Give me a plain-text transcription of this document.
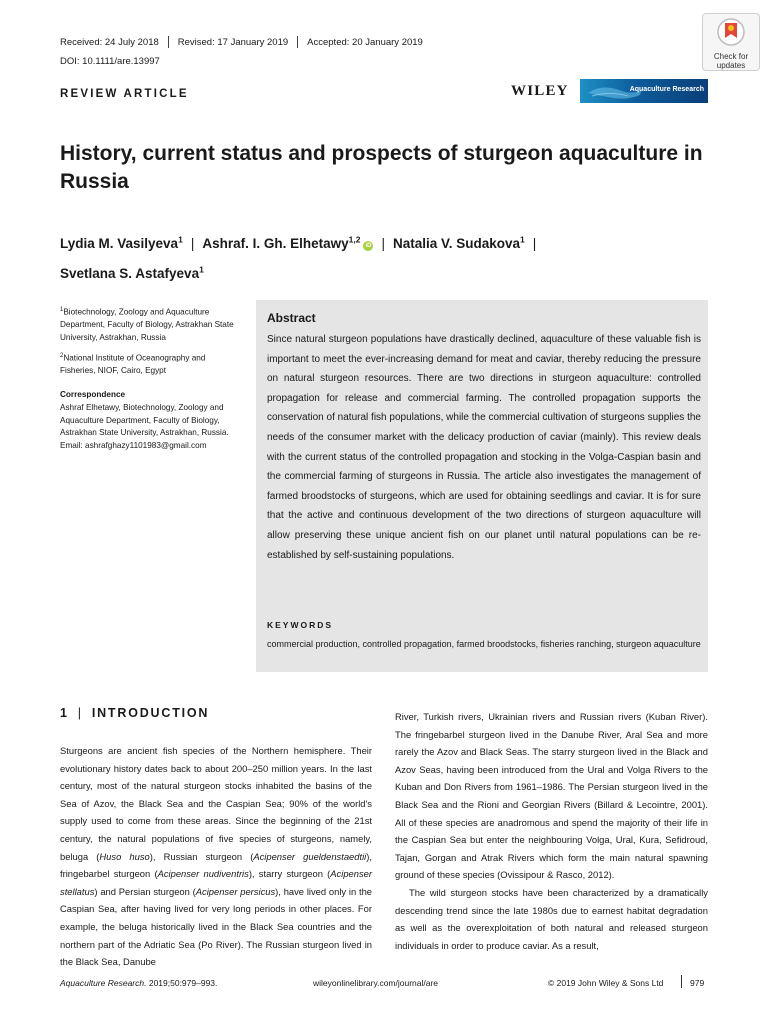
Received: 24 July 2018 Revised: 17 January 2019 Accepted: 20 January 2019
DOI: 10.1111/are.13997
REVIEW ARTICLE
Check for
updates
WILEY	Aquaculture Research
History, current status and prospects of sturgeon aquaculture in Russia
Lydia M. Vasilyeva$^1$ | Ashraf. I. Gh. Elhetawy$^{1,2}$iD | Natalia V. Sudakova$^1$ |
Svetlana S. Astafyeva$^1$

$^1$Biotechnology, Zoology and Aquaculture Department, Faculty of Biology, Astrakhan State University, Astrakhan, Russia

$^2$National Institute of Oceanography and Fisheries, NIOF, Cairo, Egypt

Correspondence

Ashraf Elhetawy, Biotechnology, Zoology and Aquaculture Department, Faculty of Biology, Astrakhan State University, Astrakhan, Russia.

Email: ashrafghazy1101983@gmail.com

Abstract
Since natural sturgeon populations have drastically declined, aquaculture of these valuable fish is important to meet the ever-increasing demand for meat and caviar, thereby reducing the pressure on natural sturgeon resources. There are two directions in sturgeon aquaculture: controlled propagation for release and commercial farming. The controlled propagation supports the conservation of natural fish populations, while the commercial cultivation of sturgeons supplies the needs of the consumer market with the delicacy production of caviar (mainly). This review deals with the current status of the controlled propagation and stocking in the Volga-Caspian basin and the commercial farming of sturgeons in Russia. The article also investigates the management of farmed broodstocks of sturgeons, which are used for obtaining seedlings and caviar. It is for sure that the active and continuous development of the two directions of sturgeon aquaculture will allow preserving these unique ancient fish on our planet until natural populations can be re-established by self-sustaining populations.
KEYWORDS
commercial production, controlled propagation, farmed broodstocks, fisheries ranching, sturgeon aquaculture
1 | INTRODUCTION
Sturgeons are ancient fish species of the Northern hemisphere. Their evolutionary history dates back to about 200–250 million years. In the last century, most of the natural sturgeon stocks inhabited the basins of the Sea of Azov, the Black Sea and the Caspian Sea; 90% of the world's supply used to come from these areas. Since the beginning of the 21st century, the natural populations of five species of sturgeons, namely, beluga (Huso huso), Russian sturgeon (Acipenser gueldenstaedtii), fringebarbel sturgeon (Acipenser nudiventris), starry sturgeon (Acipenser stellatus) and Persian sturgeon (Acipenser persicus), have lived only in the Caspian Sea, after having lived for very long periods in other places. For example, the beluga historically lived in the Black Sea countries and the northern part of the Adriatic Sea (Po River). The Russian sturgeon lived in the Black Sea, Danube

River, Turkish rivers, Ukrainian rivers and Russian rivers (Kuban River). The fringebarbel sturgeon lived in the Danube River, Aral Sea and more rarely the Azov and Black Seas. The starry sturgeon lived in the Black and Azov Seas, having been introduced from the Ural and Volga Rivers to the Kuban and Don Rivers from 1961–1986. The Persian sturgeon lived in the Black Sea and the Rioni and Georgian Rivers (Billard & Lecointre, 2001). All of these species are anadromous and spend the majority of their life in the Caspian Sea but enter the neighbouring Volga, Ural, Kura, Sefidroud, Tajan, Gorgan and Atrak Rivers which form the main natural spawning ground of these species (Ovissipour & Rasco, 2012).

The wild sturgeon stocks have been characterized by a dramatically descending trend since the late 1980s due to earnest habitat degradation as well as the overexploitation of both natural and released sturgeon individuals in order to produce caviar. As a result,

Aquaculture Research. 2019;50:979–993.	wileyonlinelibrary.com/journal/are	© 2019 John Wiley & Sons Ltd	979
